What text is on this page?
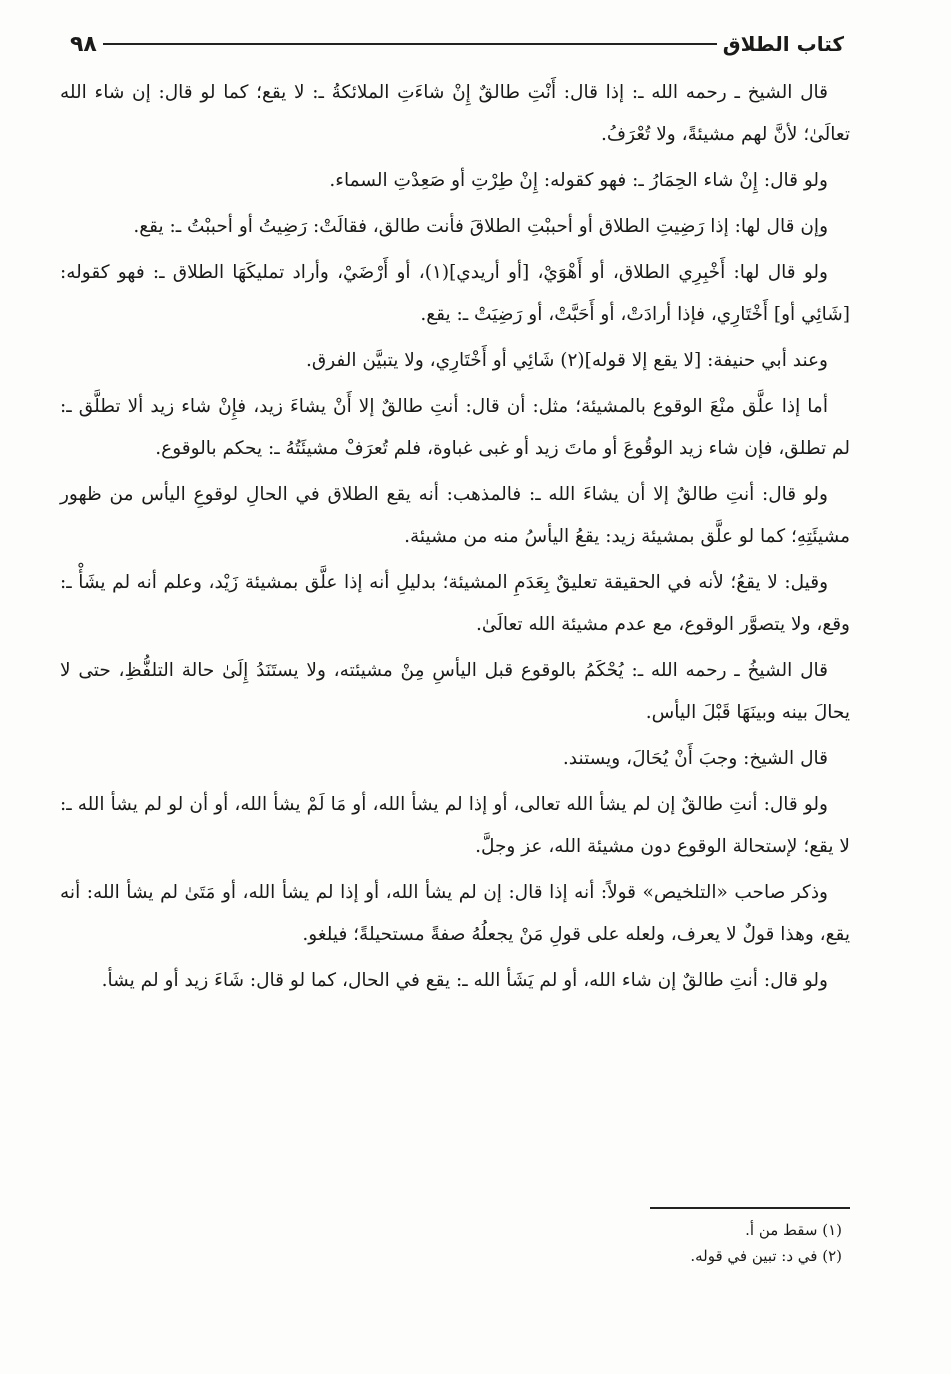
كتاب الطلاق
٩٨

قال الشيخ ـ رحمه الله ـ: إذا قال: أَنْتِ طالقٌ إِنْ شاءَتِ الملائكةُ ـ: لا يقع؛ كما لو قال: إن شاء الله تعالَىٰ؛ لأنَّ لهم مشيئةً، ولا تُعْرَفُ.

ولو قال: إِنْ شاء الحِمَارُ ـ: فهو كقوله: إِنْ طِرْتِ أو صَعِدْتِ السماء.

وإن قال لها: إذا رَضِيتِ الطلاق أو أحببْتِ الطلاقَ فأنت طالق، فقالَتْ: رَضِيتُ أو أحببْتُ ـ: يقع.

ولو قال لها: أَخْبِرِي الطلاق، أو أَهْوَيْ، [أو أريدي](١)، أو أَرْضَيْ، وأراد تمليكَهَا الطلاق ـ: فهو كقوله: [شَائِي أو] أَخْتَارِي، فإذا أرادَتْ، أو أَحَبَّتْ، أو رَضِيَتْ ـ: يقع.

وعند أبي حنيفة: [لا يقع إلا قوله](٢) شَائِي أو أَخْتَارِي، ولا يتبيَّن الفرق.

أما إذا علَّق منْعَ الوقوع بالمشيئة؛ مثل: أن قال: أنتِ طالقٌ إلا أَنْ يشاءَ زيد، فإِنْ شاء زيد ألا تطلَّق ـ: لم تطلق، فإن شاء زيد الوقُوعَ أو ماتَ زيد أو غبى غباوة، فلم تُعرَفْ مشيئَتُهُ ـ: يحكم بالوقوع.

ولو قال: أنتِ طالقٌ إلا أن يشاءَ الله ـ: فالمذهب: أنه يقع الطلاق في الحالِ لوقوعِ اليأس من ظهور مشيئَتِهِ؛ كما لو علَّق بمشيئة زيد: يقعُ اليأسُ منه من مشيئة.

وقيل: لا يقعُ؛ لأنه في الحقيقة تعليقٌ بِعَدَمِ المشيئة؛ بدليلِ أنه إذا علَّق بمشيئة زَيْد، وعلم أنه لم يشَأْ ـ: وقع، ولا يتصوَّر الوقوع، مع عدم مشيئة الله تعالَىٰ.

قال الشيخُ ـ رحمه الله ـ: يُحْكَمُ بالوقوع قبل اليأسِ مِنْ مشيئته، ولا يستَنَدُ إِلَىٰ حالة التلفُّظِ، حتى لا يحالَ بينه وبينَهَا قَبْلَ اليأس.

قال الشيخ: وجبَ أَنْ يُحَالَ، ويستند.

ولو قال: أنتِ طالقٌ إن لم يشأ الله تعالى، أو إذا لم يشأ الله، أو مَا لَمْ يشأ الله، أو أن لو لم يشأ الله ـ: لا يقع؛ لإستحالة الوقوع دون مشيئة الله، عز وجلَّ.

وذكر صاحب «التلخيص» قولاً: أنه إذا قال: إن لم يشأ الله، أو إذا لم يشأ الله، أو مَتَىٰ لم يشأ الله: أنه يقع، وهذا قولٌ لا يعرف، ولعله على قولِ مَنْ يجعلُهُ صفةً مستحيلةً؛ فيلغو.

ولو قال: أنتِ طالقٌ إن شاء الله، أو لم يَشَأ الله ـ: يقع في الحال، كما لو قال: شَاءَ زيد أو لم يشأ.

(١) سقط من أ.

(٢) في د: تبين في قوله.
